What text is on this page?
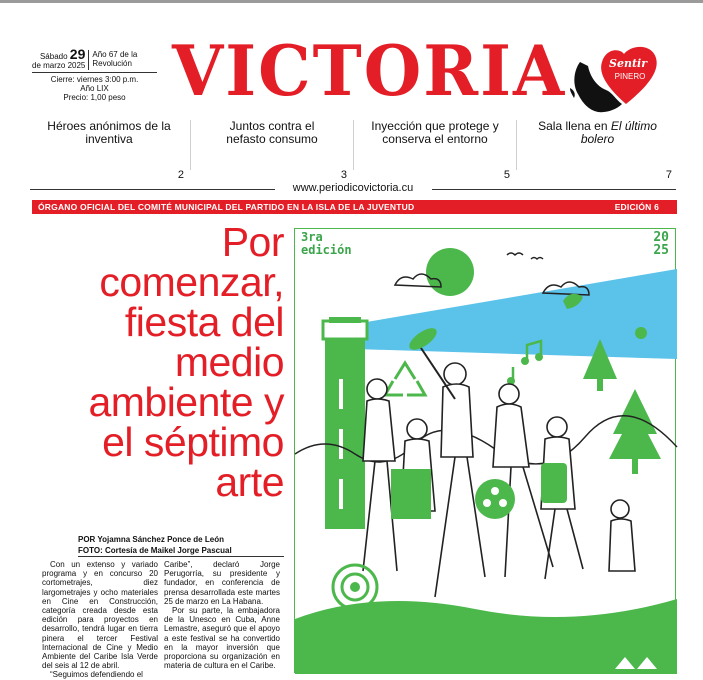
Sábado 29
de marzo 2025
Año 67 de la
Revolución
Cierre: viernes 3:00 p.m.
Año LIX
Precio: 1,00 peso VICTORIA	Sentir
PINERO
Héroes anónimos de la inventiva
2
Juntos contra el nefasto consumo
3
Inyección que protege y conserva el entorno
5
Sala llena en El último bolero
7
www.periodicovictoria.cu
ÓRGANO OFICIAL DEL COMITÉ MUNICIPAL DEL PARTIDO EN LA ISLA DE LA JUVENTUD	EDICIÓN 6
Por
comenzar,
fiesta del
medio
ambiente y
el séptimo
arte
POR Yojamna Sánchez Ponce de León
FOTO: Cortesía de Maikel Jorge Pascual

Con un extenso y variado programa y en concurso 20 cortometrajes, diez largometrajes y ocho materiales en Cine en Construcción, categoría creada desde esta edición para proyectos en desarrollo, tendrá lugar en tierra pinera el tercer Festival Internacional de Cine y Medio Ambiente del Caribe Isla Verde del seis al 12 de abril.

“Seguimos defendiendo el

Caribe”, declaró Jorge Perugorría, su presidente y fundador, en conferencia de prensa desarrollada este martes 25 de marzo en La Habana.

Por su parte, la embajadora de la Unesco en Cuba, Anne Lemastre, aseguró que el apoyo a este festival se ha convertido en la mayor inversión que proporciona su organización en materia de cultura en el Caribe.

3ra
edición
20
25
